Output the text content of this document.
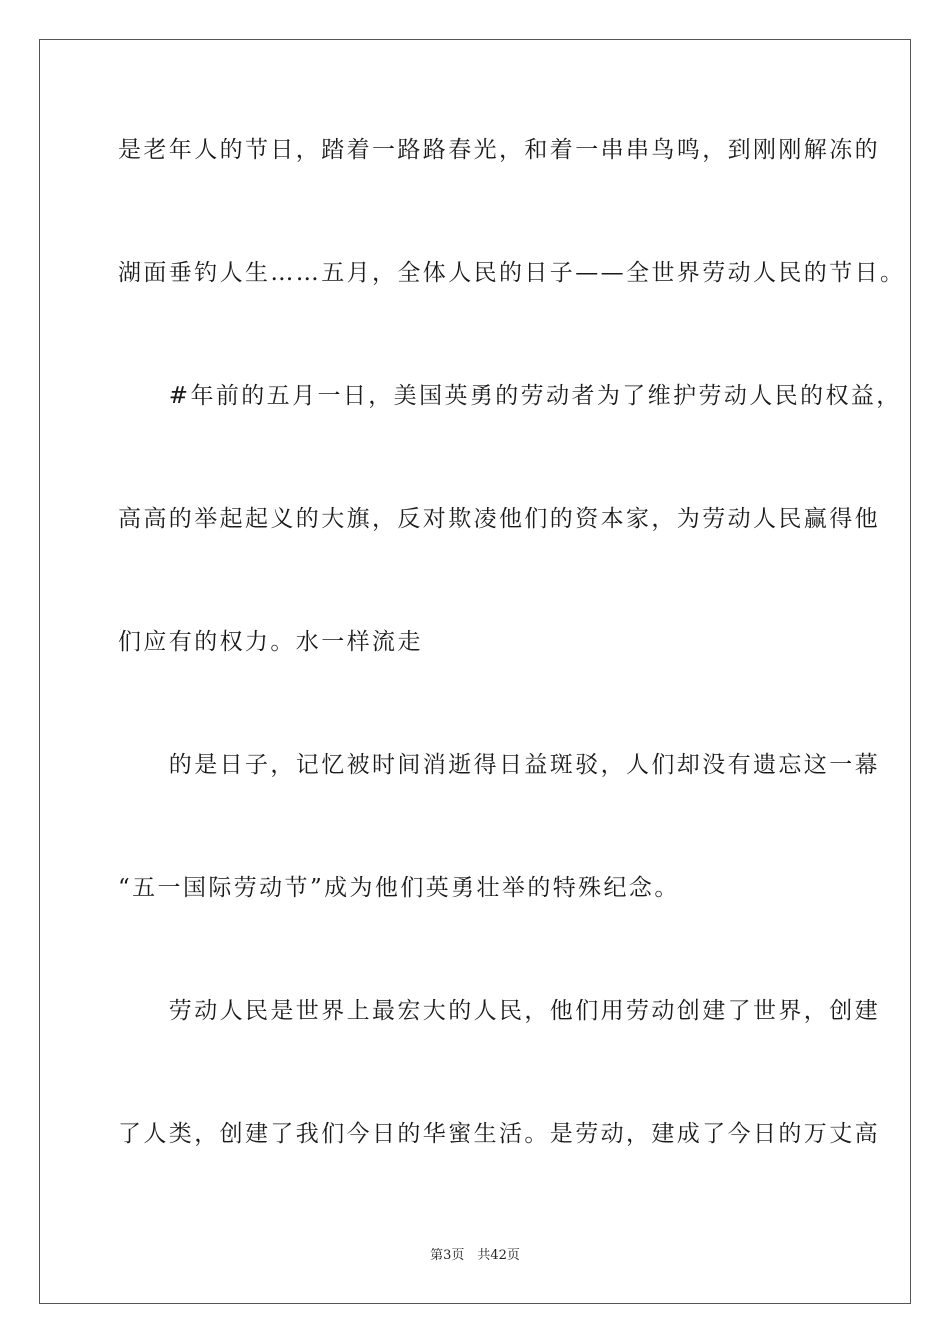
是老年人的节日，踏着一路路春光，和着一串串鸟鸣，到刚刚解冻的
湖面垂钓人生……五月，全体人民的日子——全世界劳动人民的节日。
　　#年前的五月一日，美国英勇的劳动者为了维护劳动人民的权益，
高高的举起起义的大旗，反对欺凌他们的资本家，为劳动人民赢得他
们应有的权力。水一样流走
　　的是日子，记忆被时间消逝得日益斑驳，人们却没有遗忘这一幕
“五一国际劳动节”成为他们英勇壮举的特殊纪念。
　　劳动人民是世界上最宏大的人民，他们用劳动创建了世界，创建
了人类，创建了我们今日的华蜜生活。是劳动，建成了今日的万丈高
第3页　共42页
